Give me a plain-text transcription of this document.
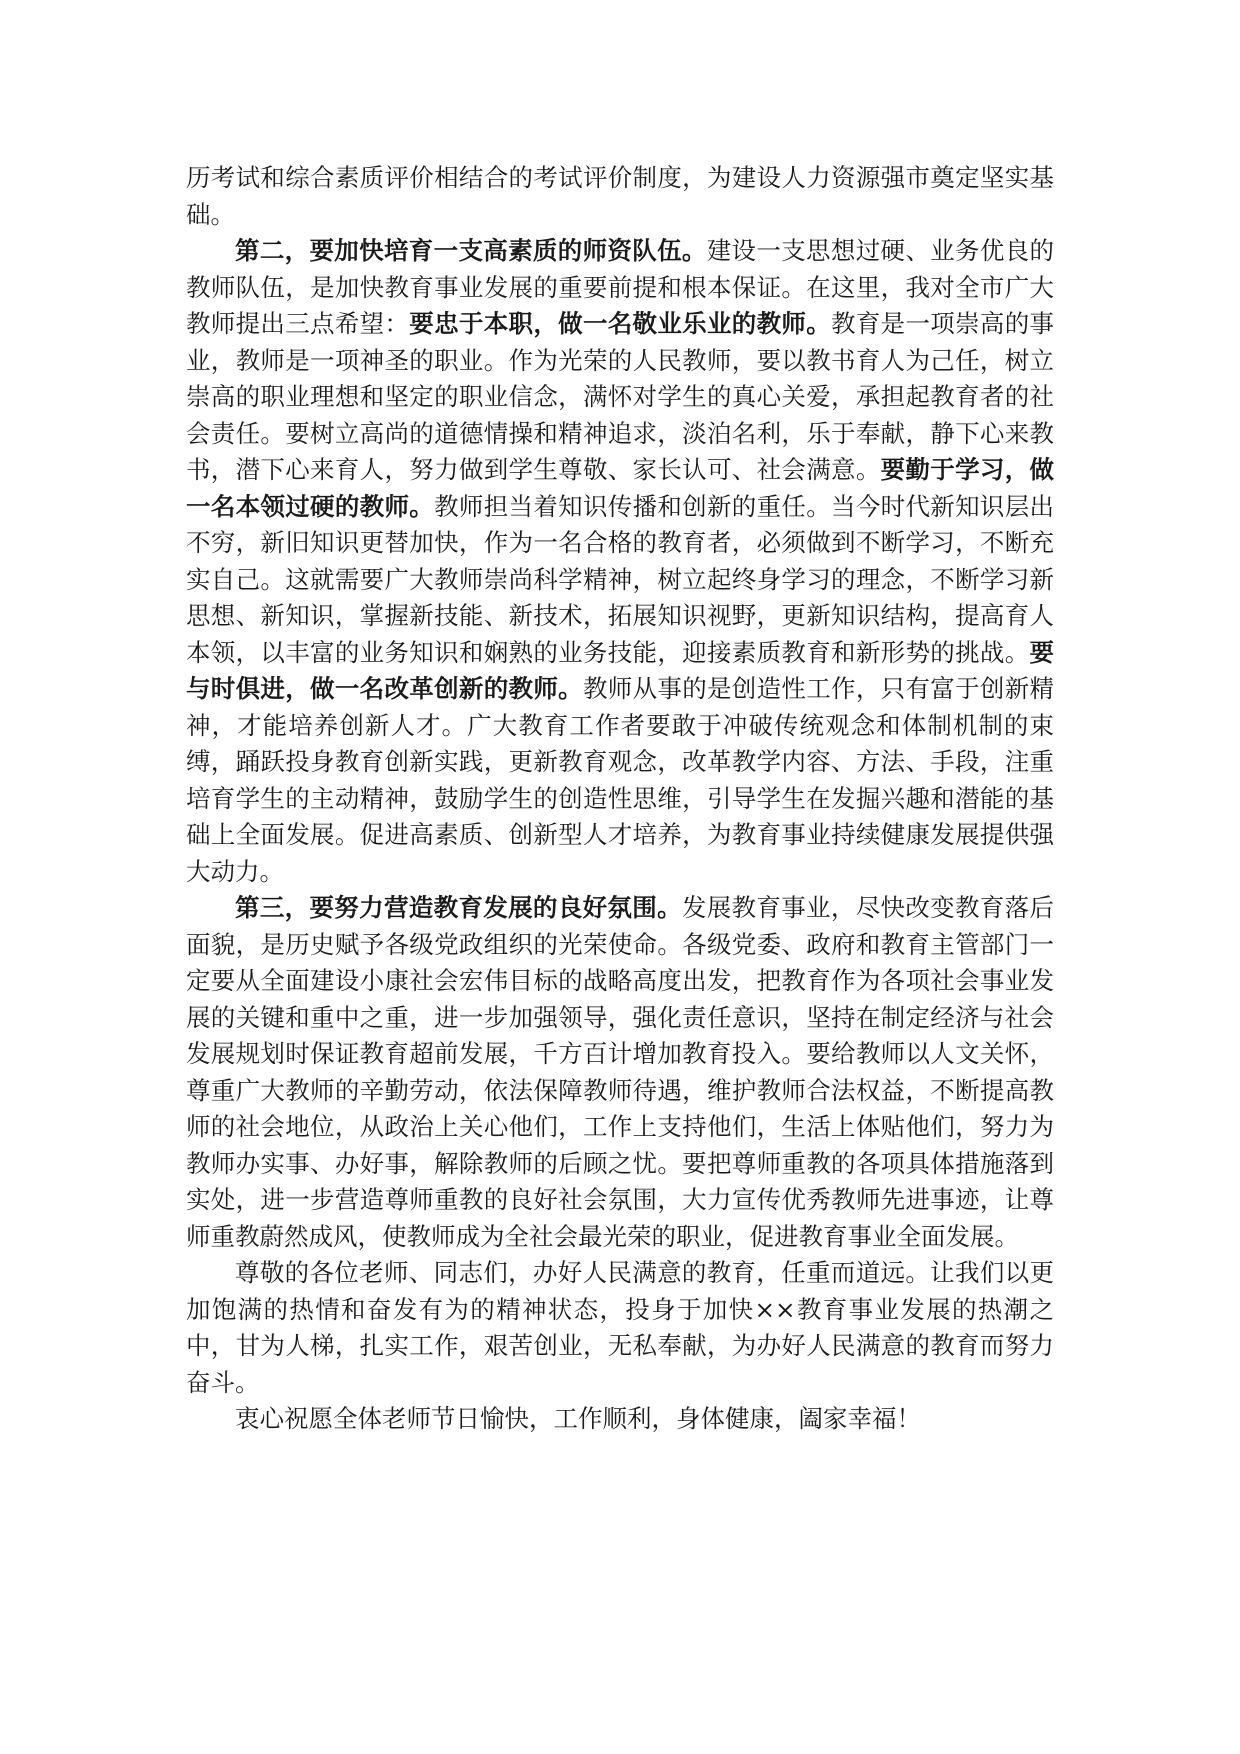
历考试和综合素质评价相结合的考试评价制度，为建设人力资源强市奠定坚实基础。

第二，要加快培育一支高素质的师资队伍。建设一支思想过硬、业务优良的教师队伍，是加快教育事业发展的重要前提和根本保证。在这里，我对全市广大教师提出三点希望：要忠于本职，做一名敬业乐业的教师。教育是一项崇高的事业，教师是一项神圣的职业。作为光荣的人民教师，要以教书育人为己任，树立崇高的职业理想和坚定的职业信念，满怀对学生的真心关爱，承担起教育者的社会责任。要树立高尚的道德情操和精神追求，淡泊名利，乐于奉献，静下心来教书，潜下心来育人，努力做到学生尊敬、家长认可、社会满意。要勤于学习，做一名本领过硬的教师。教师担当着知识传播和创新的重任。当今时代新知识层出不穷，新旧知识更替加快，作为一名合格的教育者，必须做到不断学习，不断充实自己。这就需要广大教师崇尚科学精神，树立起终身学习的理念，不断学习新思想、新知识，掌握新技能、新技术，拓展知识视野，更新知识结构，提高育人本领，以丰富的业务知识和娴熟的业务技能，迎接素质教育和新形势的挑战。要与时俱进，做一名改革创新的教师。教师从事的是创造性工作，只有富于创新精神，才能培养创新人才。广大教育工作者要敢于冲破传统观念和体制机制的束缚，踊跃投身教育创新实践，更新教育观念，改革教学内容、方法、手段，注重培育学生的主动精神，鼓励学生的创造性思维，引导学生在发掘兴趣和潜能的基础上全面发展。促进高素质、创新型人才培养，为教育事业持续健康发展提供强大动力。

第三，要努力营造教育发展的良好氛围。发展教育事业，尽快改变教育落后面貌，是历史赋予各级党政组织的光荣使命。各级党委、政府和教育主管部门一定要从全面建设小康社会宏伟目标的战略高度出发，把教育作为各项社会事业发展的关键和重中之重，进一步加强领导，强化责任意识，坚持在制定经济与社会发展规划时保证教育超前发展，千方百计增加教育投入。要给教师以人文关怀，尊重广大教师的辛勤劳动，依法保障教师待遇，维护教师合法权益，不断提高教师的社会地位，从政治上关心他们，工作上支持他们，生活上体贴他们，努力为教师办实事、办好事，解除教师的后顾之忧。要把尊师重教的各项具体措施落到实处，进一步营造尊师重教的良好社会氛围，大力宣传优秀教师先进事迹，让尊师重教蔚然成风，使教师成为全社会最光荣的职业，促进教育事业全面发展。

尊敬的各位老师、同志们，办好人民满意的教育，任重而道远。让我们以更加饱满的热情和奋发有为的精神状态，投身于加快××教育事业发展的热潮之中，甘为人梯，扎实工作，艰苦创业，无私奉献，为办好人民满意的教育而努力奋斗。

衷心祝愿全体老师节日愉快，工作顺利，身体健康，阖家幸福！
